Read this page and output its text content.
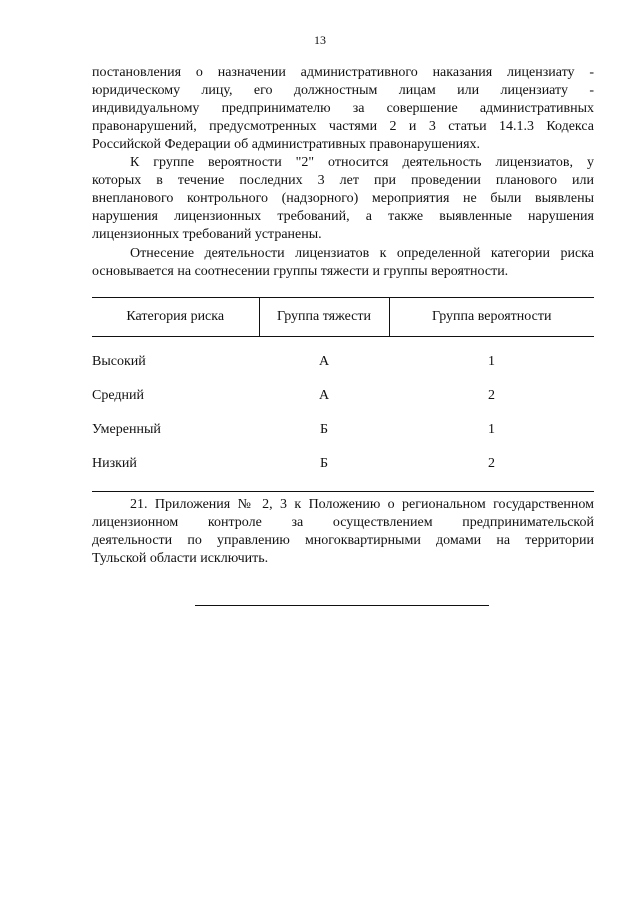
13
постановления о назначении административного наказания лицензиату -
юридическому лицу, его должностным лицам или лицензиату -
индивидуальному предпринимателю за совершение административных
правонарушений, предусмотренных частями 2 и 3 статьи 14.1.3 Кодекса
Российской Федерации об административных правонарушениях.
К группе вероятности "2" относится деятельность лицензиатов, у
которых в течение последних 3 лет при проведении планового или
внепланового контрольного (надзорного) мероприятия не были выявлены
нарушения лицензионных требований, а также выявленные нарушения
лицензионных требований устранены.
Отнесение деятельности лицензиатов к определенной категории риска
основывается на соотнесении группы тяжести и группы вероятности.
Категория риска	Группа тяжести	Группа вероятности
Высокий	А	1
Средний	А	2
Умеренный	Б	1
Низкий	Б	2
21. Приложения № 2, 3 к Положению о региональном государственном
лицензионном контроле за осуществлением предпринимательской
деятельности по управлению многоквартирными домами на территории
Тульской области исключить.
